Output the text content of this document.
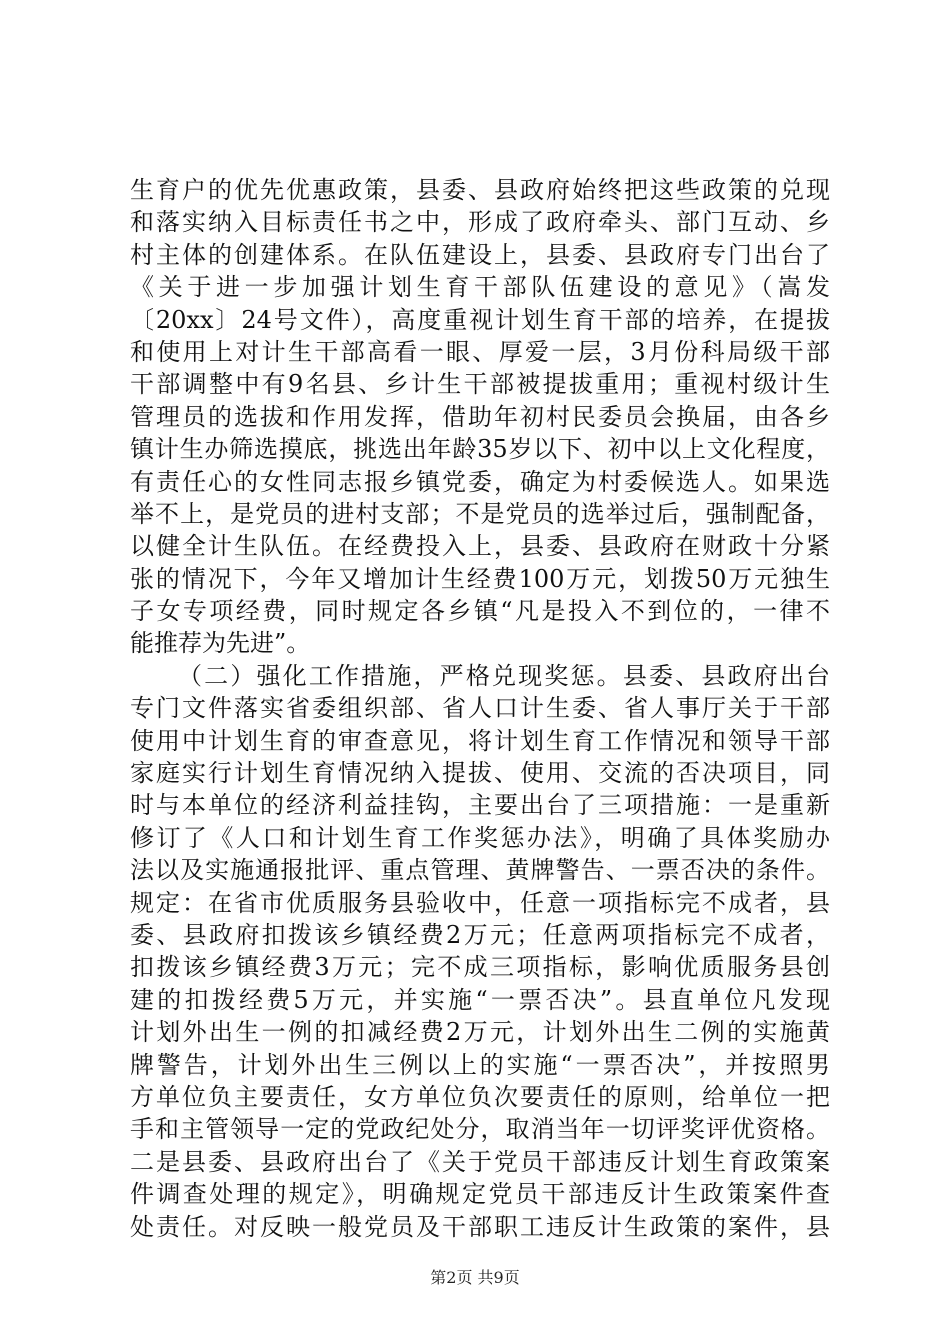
生育户的优先优惠政策，县委、县政府始终把这些政策的兑现
和落实纳入目标责任书之中，形成了政府牵头、部门互动、乡
村主体的创建体系。在队伍建设上，县委、县政府专门出台了
《关于进一步加强计划生育干部队伍建设的意见》（嵩发
〔20xx〕24号文件），高度重视计划生育干部的培养，在提拔
和使用上对计生干部高看一眼、厚爱一层，3月份科局级干部
干部调整中有9名县、乡计生干部被提拔重用；重视村级计生
管理员的选拔和作用发挥，借助年初村民委员会换届，由各乡
镇计生办筛选摸底，挑选出年龄35岁以下、初中以上文化程度，
有责任心的女性同志报乡镇党委，确定为村委候选人。如果选
举不上，是党员的进村支部；不是党员的选举过后，强制配备，
以健全计生队伍。在经费投入上，县委、县政府在财政十分紧
张的情况下，今年又增加计生经费100万元，划拨50万元独生
子女专项经费，同时规定各乡镇“凡是投入不到位的，一律不
能推荐为先进”。
（二）强化工作措施，严格兑现奖惩。县委、县政府出台
专门文件落实省委组织部、省人口计生委、省人事厅关于干部
使用中计划生育的审查意见，将计划生育工作情况和领导干部
家庭实行计划生育情况纳入提拔、使用、交流的否决项目，同
时与本单位的经济利益挂钩，主要出台了三项措施：一是重新
修订了《人口和计划生育工作奖惩办法》，明确了具体奖励办
法以及实施通报批评、重点管理、黄牌警告、一票否决的条件。
规定：在省市优质服务县验收中，任意一项指标完不成者，县
委、县政府扣拨该乡镇经费2万元；任意两项指标完不成者，
扣拨该乡镇经费3万元；完不成三项指标，影响优质服务县创
建的扣拨经费5万元，并实施“一票否决”。县直单位凡发现
计划外出生一例的扣减经费2万元，计划外出生二例的实施黄
牌警告，计划外出生三例以上的实施“一票否决”，并按照男
方单位负主要责任，女方单位负次要责任的原则，给单位一把
手和主管领导一定的党政纪处分，取消当年一切评奖评优资格。
二是县委、县政府出台了《关于党员干部违反计划生育政策案
件调查处理的规定》，明确规定党员干部违反计生政策案件查
处责任。对反映一般党员及干部职工违反计生政策的案件，县
第2页 共9页
